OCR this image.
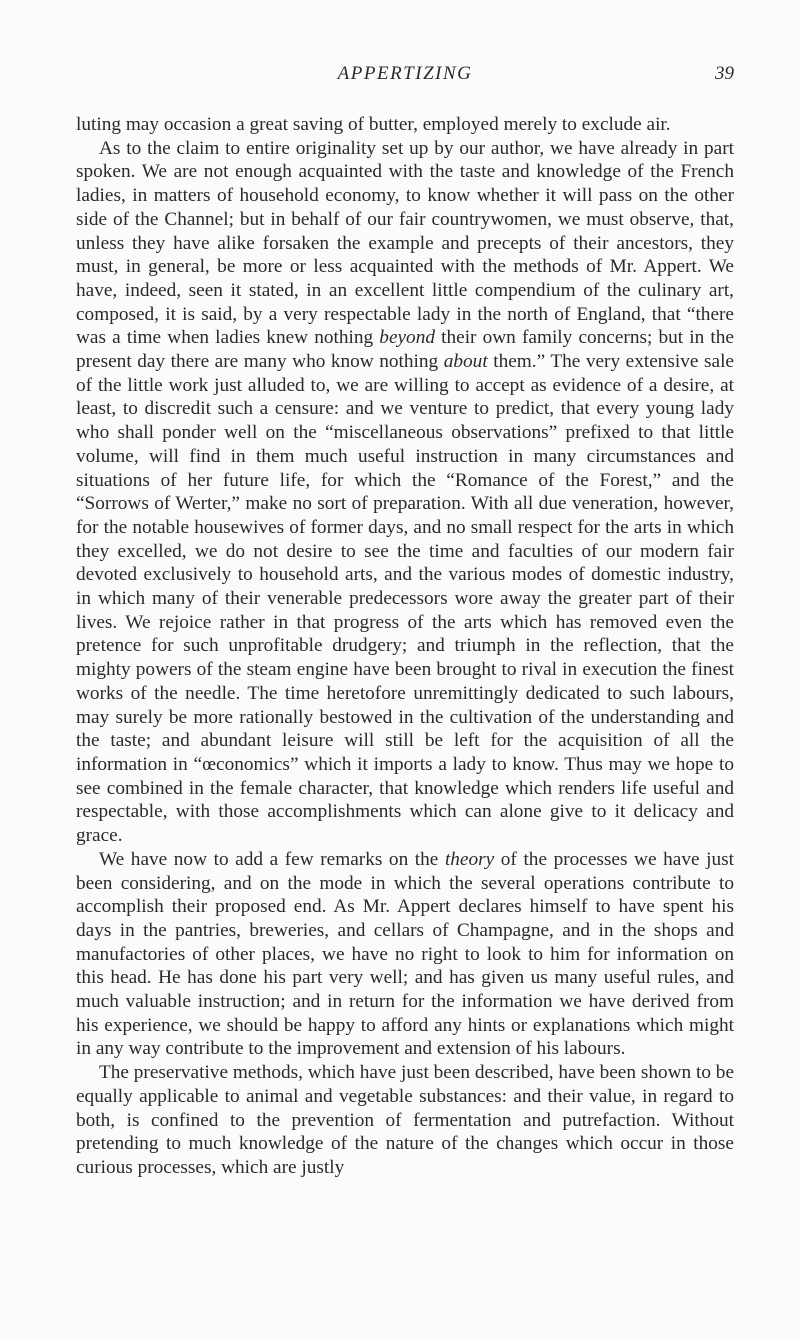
APPERTIZING	39

luting may occasion a great saving of butter, employed merely to exclude air.

As to the claim to entire originality set up by our author, we have already in part spoken. We are not enough acquainted with the taste and knowledge of the French ladies, in matters of household economy, to know whether it will pass on the other side of the Channel; but in behalf of our fair countrywomen, we must observe, that, unless they have alike forsaken the example and precepts of their ancestors, they must, in general, be more or less acquainted with the methods of Mr. Appert. We have, indeed, seen it stated, in an excellent little compendium of the culinary art, composed, it is said, by a very respectable lady in the north of England, that “there was a time when ladies knew nothing beyond their own family concerns; but in the present day there are many who know nothing about them.” The very extensive sale of the little work just alluded to, we are willing to accept as evidence of a desire, at least, to discredit such a censure: and we venture to predict, that every young lady who shall ponder well on the “miscellaneous observations” prefixed to that little volume, will find in them much useful instruction in many circumstances and situations of her future life, for which the “Romance of the Forest,” and the “Sorrows of Werter,” make no sort of preparation. With all due veneration, however, for the notable housewives of former days, and no small respect for the arts in which they excelled, we do not desire to see the time and faculties of our modern fair devoted exclusively to household arts, and the various modes of domestic industry, in which many of their venerable predecessors wore away the greater part of their lives. We rejoice rather in that progress of the arts which has removed even the pretence for such unprofitable drudgery; and triumph in the reflection, that the mighty powers of the steam engine have been brought to rival in execution the finest works of the needle. The time heretofore unremittingly dedicated to such labours, may surely be more rationally bestowed in the cultivation of the understanding and the taste; and abundant leisure will still be left for the acquisition of all the information in “œconomics” which it imports a lady to know. Thus may we hope to see combined in the female character, that knowledge which renders life useful and respectable, with those accomplishments which can alone give to it delicacy and grace.

We have now to add a few remarks on the theory of the processes we have just been considering, and on the mode in which the several operations contribute to accomplish their proposed end. As Mr. Appert declares himself to have spent his days in the pantries, breweries, and cellars of Champagne, and in the shops and manufactories of other places, we have no right to look to him for information on this head. He has done his part very well; and has given us many useful rules, and much valuable instruction; and in return for the information we have derived from his experience, we should be happy to afford any hints or explanations which might in any way contribute to the improvement and extension of his labours.

The preservative methods, which have just been described, have been shown to be equally applicable to animal and vegetable substances: and their value, in regard to both, is confined to the prevention of fermentation and putrefaction. Without pretending to much knowledge of the nature of the changes which occur in those curious processes, which are justly
